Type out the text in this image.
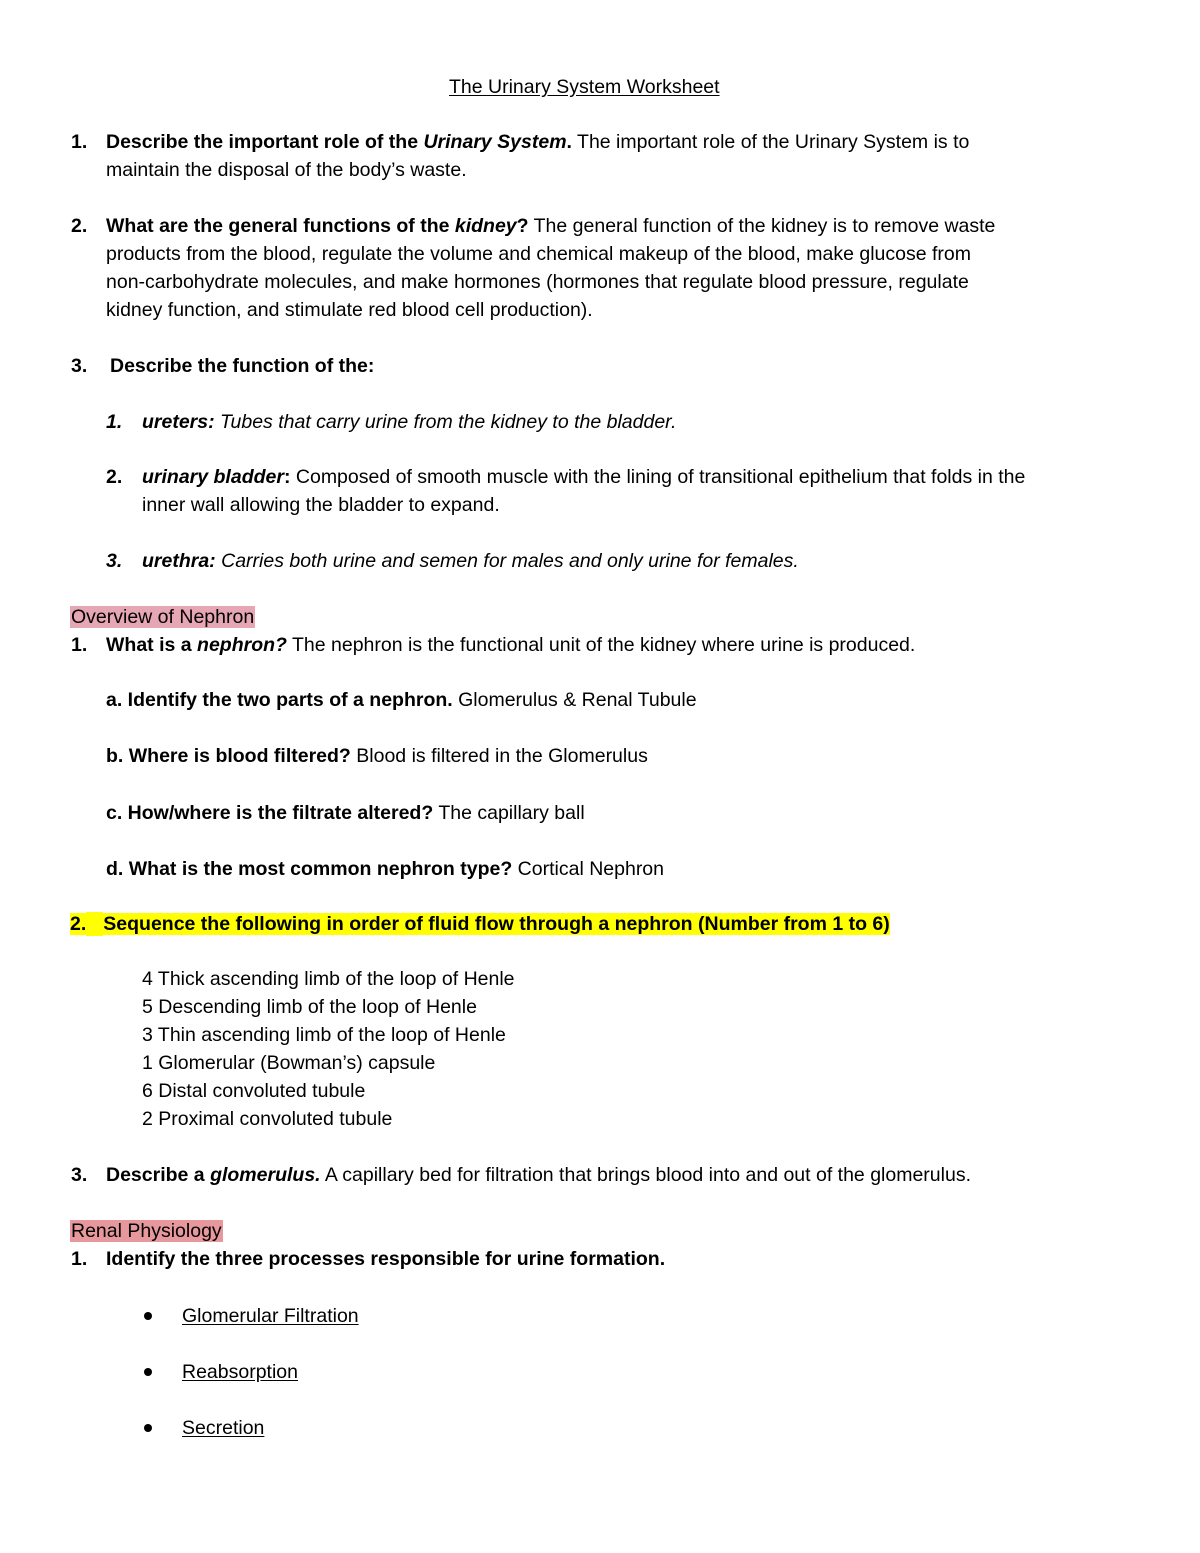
The Urinary System Worksheet
1. Describe the important role of the Urinary System. The important role of the Urinary System is to
maintain the disposal of the body’s waste.
2. What are the general functions of the kidney? The general function of the kidney is to remove waste
products from the blood, regulate the volume and chemical makeup of the blood, make glucose from
non-carbohydrate molecules, and make hormones (hormones that regulate blood pressure, regulate
kidney function, and stimulate red blood cell production).
3. Describe the function of the:
1. ureters: Tubes that carry urine from the kidney to the bladder.
2. urinary bladder: Composed of smooth muscle with the lining of transitional epithelium that folds in the
inner wall allowing the bladder to expand.
3. urethra: Carries both urine and semen for males and only urine for females.
Overview of Nephron
1. What is a nephron? The nephron is the functional unit of the kidney where urine is produced.
a. Identify the two parts of a nephron. Glomerulus & Renal Tubule
b. Where is blood filtered? Blood is filtered in the Glomerulus
c. How/where is the filtrate altered? The capillary ball
d. What is the most common nephron type? Cortical Nephron
2. Sequence the following in order of fluid flow through a nephron (Number from 1 to 6)
4 Thick ascending limb of the loop of Henle
5 Descending limb of the loop of Henle
3 Thin ascending limb of the loop of Henle
1 Glomerular (Bowman’s) capsule
6 Distal convoluted tubule
2 Proximal convoluted tubule
3. Describe a glomerulus. A capillary bed for filtration that brings blood into and out of the glomerulus.
Renal Physiology
1. Identify the three processes responsible for urine formation.
Glomerular Filtration
Reabsorption
Secretion
